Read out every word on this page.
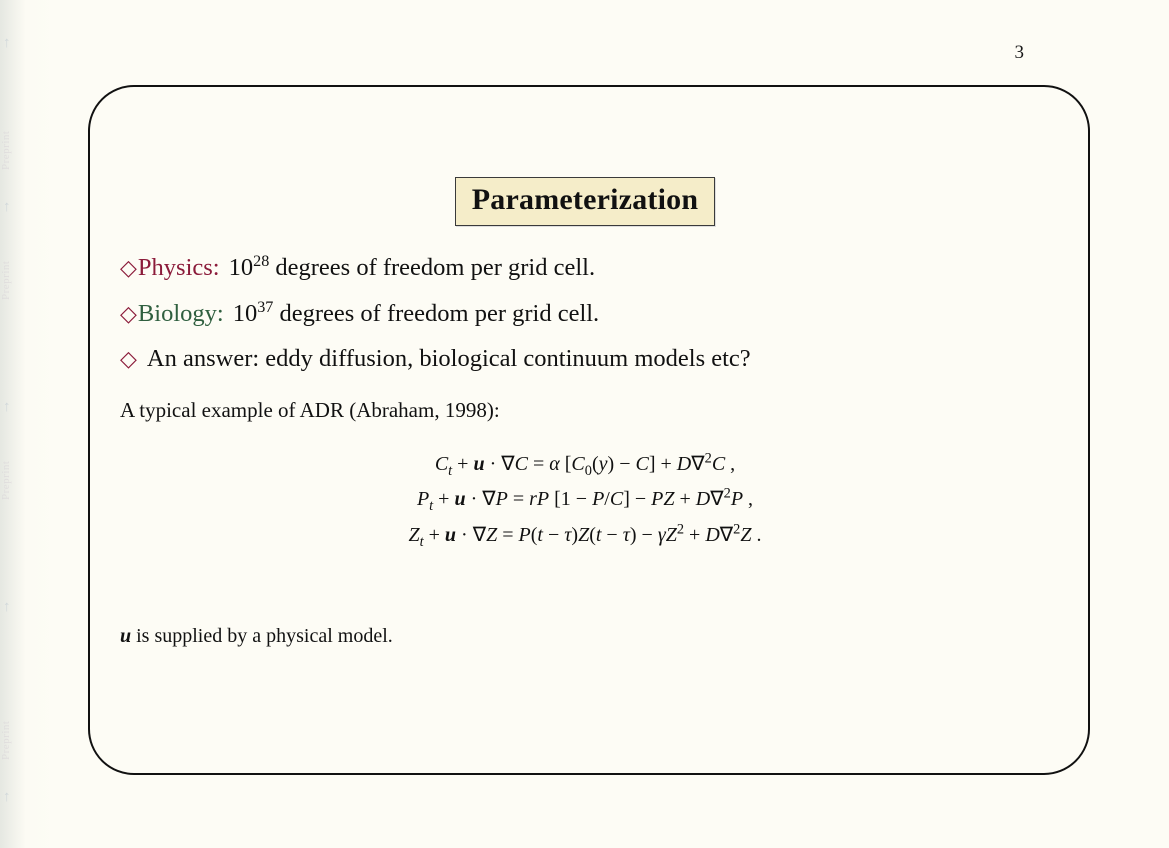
↑
↑
↑
↑
↑
Preprint
Preprint
Preprint
Preprint
3
Parameterization
◇Physics: $10^{28}$ degrees of freedom per grid cell.
◇Biology: $10^{37}$ degrees of freedom per grid cell.
◇ An answer: eddy diffusion, biological continuum models etc?
A typical example of ADR (Abraham, 1998):
$C_t + u \cdot \nabla C = \alpha$ $[C_0(y) - C] + D\nabla^2C$ ,
$P_t + u \cdot \nabla P$ = rP [1 − P/C] − PZ + D∇$^2$P ,
$Z_t + u \cdot \nabla Z = P(t - \tau)Z(t - \tau) - \gamma Z^2 + D\nabla^2Z$ .
u is supplied by a physical model.
